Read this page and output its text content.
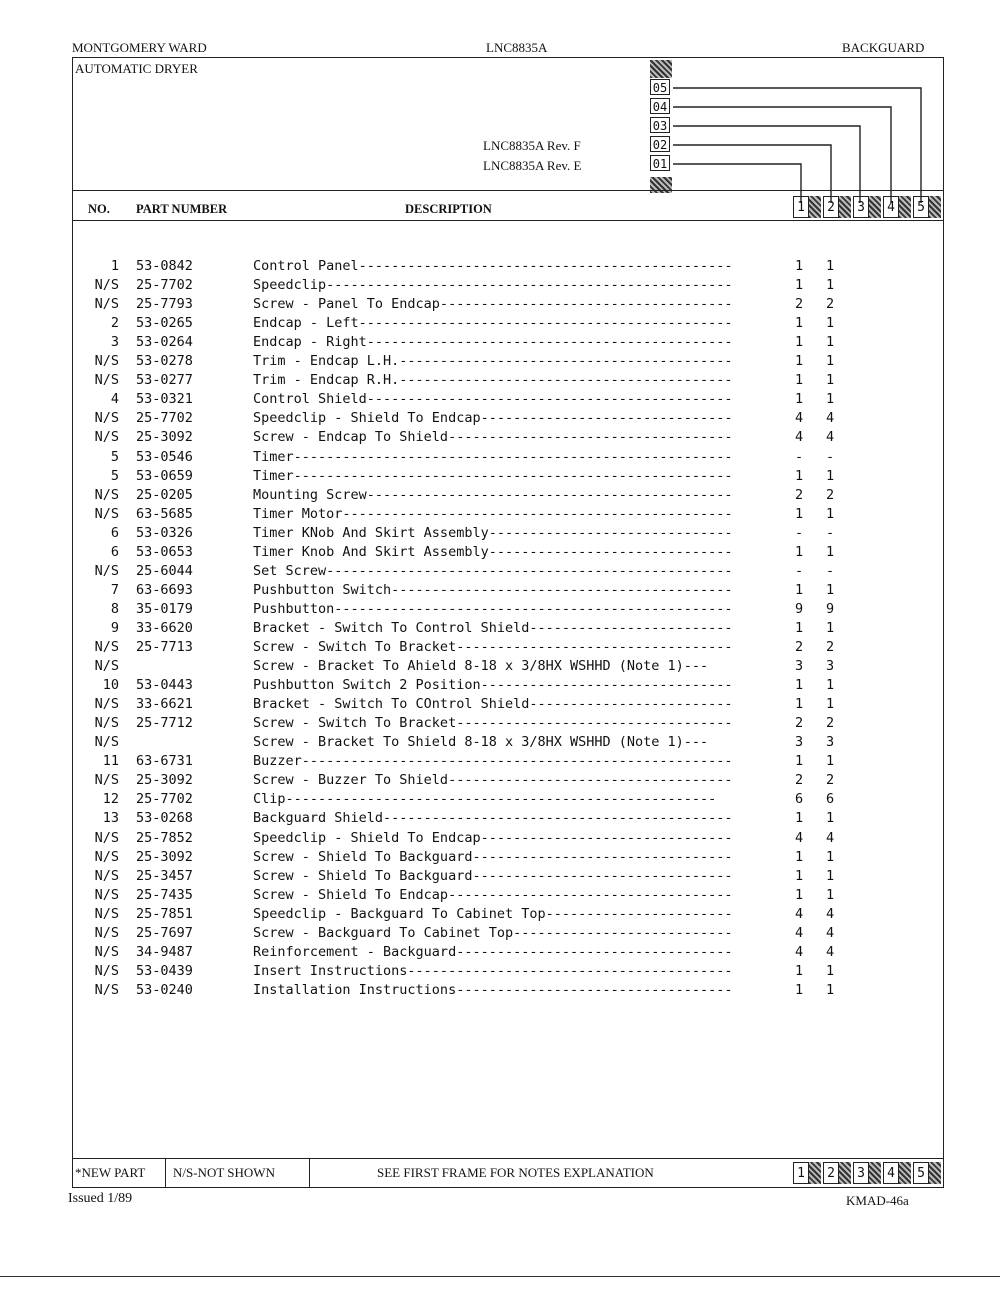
MONTGOMERY WARD	LNC8835A	BACKGUARD
AUTOMATIC DRYER
LNC8835A Rev. F
LNC8835A Rev. E
05
04
03
02
01
NO. PART NUMBER	DESCRIPTION	1	2	3	4	5
1 53-0842	Control Panel----------------------------------------------	1 1
N/S 25-7702	Speedclip--------------------------------------------------	1 1
N/S 25-7793	Screw - Panel To Endcap------------------------------------	2 2
2 53-0265	Endcap - Left----------------------------------------------	1 1
3 53-0264	Endcap - Right---------------------------------------------	1 1
N/S 53-0278	Trim - Endcap L.H.-----------------------------------------	1 1
N/S 53-0277	Trim - Endcap R.H.-----------------------------------------	1 1
4 53-0321	Control Shield---------------------------------------------	1 1
N/S 25-7702	Speedclip - Shield To Endcap-------------------------------	4 4
N/S 25-3092	Screw - Endcap To Shield-----------------------------------	4 4
5 53-0546	Timer------------------------------------------------------	- -
5 53-0659	Timer------------------------------------------------------	1 1
N/S 25-0205	Mounting Screw---------------------------------------------	2 2
N/S 63-5685	Timer Motor------------------------------------------------	1 1
6 53-0326	Timer KNob And Skirt Assembly------------------------------	- -
6 53-0653	Timer Knob And Skirt Assembly------------------------------	1 1
N/S 25-6044	Set Screw--------------------------------------------------	- -
7 63-6693	Pushbutton Switch------------------------------------------	1 1
8 35-0179	Pushbutton-------------------------------------------------	9 9
9 33-6620	Bracket - Switch To Control Shield-------------------------	1 1
N/S 25-7713	Screw - Switch To Bracket----------------------------------	2 2
N/S	Screw - Bracket To Ahield 8-18 x 3/8HX WSHHD (Note 1)---	3 3
10 53-0443	Pushbutton Switch 2 Position-------------------------------	1 1
N/S 33-6621	Bracket - Switch To COntrol Shield-------------------------	1 1
N/S 25-7712	Screw - Switch To Bracket----------------------------------	2 2
N/S	Screw - Bracket To Shield 8-18 x 3/8HX WSHHD (Note 1)---	3 3
11 63-6731	Buzzer-----------------------------------------------------	1 1
N/S 25-3092	Screw - Buzzer To Shield-----------------------------------	2 2
12 25-7702	Clip-----------------------------------------------------	6 6
13 53-0268	Backguard Shield-------------------------------------------	1 1
N/S 25-7852	Speedclip - Shield To Endcap-------------------------------	4 4
N/S 25-3092	Screw - Shield To Backguard--------------------------------	1 1
N/S 25-3457	Screw - Shield To Backguard--------------------------------	1 1
N/S 25-7435	Screw - Shield To Endcap-----------------------------------	1 1
N/S 25-7851	Speedclip - Backguard To Cabinet Top-----------------------	4 4
N/S 25-7697	Screw - Backguard To Cabinet Top---------------------------	4 4
N/S 34-9487	Reinforcement - Backguard----------------------------------	4 4
N/S 53-0439	Insert Instructions----------------------------------------	1 1
N/S 53-0240	Installation Instructions----------------------------------	1 1
*NEW PART N/S-NOT SHOWN	SEE FIRST FRAME FOR NOTES EXPLANATION	1	2	3	4	5
Issued 1/89	KMAD-46a
